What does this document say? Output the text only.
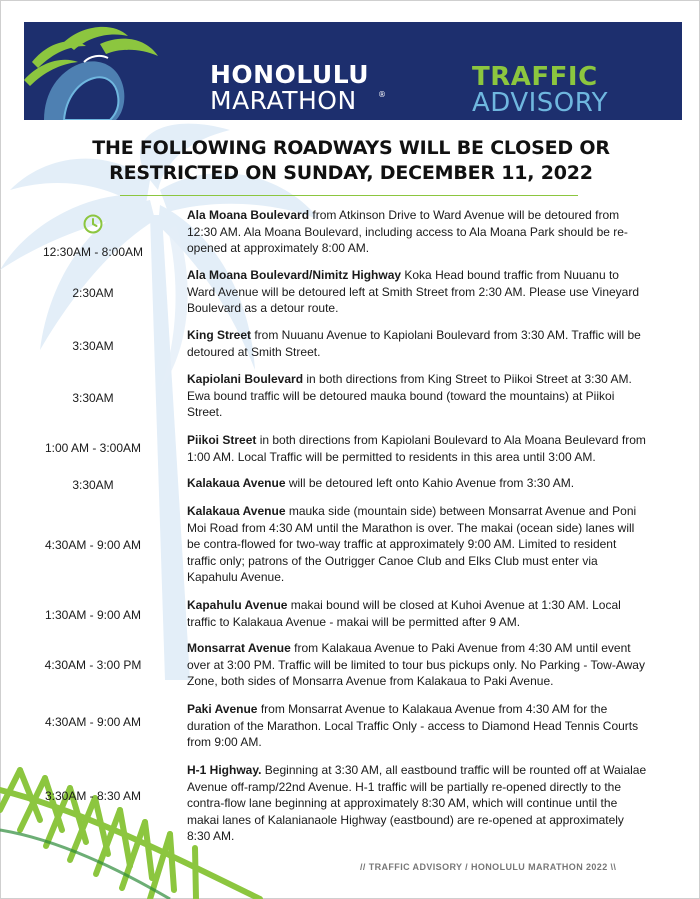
HONOLULU
MARATHON	®
TRAFFIC
ADVISORY
THE FOLLOWING ROADWAYS WILL BE CLOSED OR
RESTRICTED ON SUNDAY, DECEMBER 11, 2022
12:30AM - 8:00AM
Ala Moana Boulevard from Atkinson Drive to Ward Avenue will be detoured from 12:30 AM. Ala Moana Boulevard, including access to Ala Moana Park should be re-opened at approximately 8:00 AM.
2:30AM
Ala Moana Boulevard/Nimitz Highway Koka Head bound traffic from Nuuanu to Ward Avenue will be detoured left at Smith Street from 2:30 AM. Please use Vineyard Boulevard as a detour route.
3:30AM
King Street from Nuuanu Avenue to Kapiolani Boulevard from 3:30 AM. Traffic will be detoured at Smith Street.
3:30AM
Kapiolani Boulevard in both directions from King Street to Piikoi Street at 3:30 AM. Ewa bound traffic will be detoured mauka bound (toward the mountains) at Piikoi Street.
1:00 AM - 3:00AM
Piikoi Street in both directions from Kapiolani Boulevard to Ala Moana Beulevard from 1:00 AM. Local Traffic will be permitted to residents in this area until 3:00 AM.
3:30AM	Kalakaua Avenue will be detoured left onto Kahio Avenue from 3:30 AM.
4:30AM - 9:00 AM
Kalakaua Avenue mauka side (mountain side) between Monsarrat Avenue and Poni Moi Road from 4:30 AM until the Marathon is over. The makai (ocean side) lanes will be contra-flowed for two-way traffic at approximately 9:00 AM. Limited to resident traffic only; patrons of the Outrigger Canoe Club and Elks Club must enter via Kapahulu Avenue.
1:30AM - 9:00 AM
Kapahulu Avenue makai bound will be closed at Kuhoi Avenue at 1:30 AM. Local traffic to Kalakaua Avenue - makai will be permitted after 9 AM.
4:30AM - 3:00 PM
Monsarrat Avenue from Kalakaua Avenue to Paki Avenue from 4:30 AM until event over at 3:00 PM. Traffic will be limited to tour bus pickups only. No Parking - Tow-Away Zone, both sides of Monsarra Avenue from Kalakaua to Paki Avenue.
4:30AM - 9:00 AM
Paki Avenue from Monsarrat Avenue to Kalakaua Avenue from 4:30 AM for the duration of the Marathon. Local Traffic Only - access to Diamond Head Tennis Courts from 9:00 AM.
3:30AM - 8:30 AM
H-1 Highway. Beginning at 3:30 AM, all eastbound traffic will be rounted off at Waialae Avenue off-ramp/22nd Avenue. H-1 traffic will be partially re-opened directly to the contra-flow lane beginning at approximately 8:30 AM, which will continue until the makai lanes of Kalanianaole Highway (eastbound) are re-opened at approximately 8:30 AM.
// TRAFFIC ADVISORY / HONOLULU MARATHON 2022 \\
